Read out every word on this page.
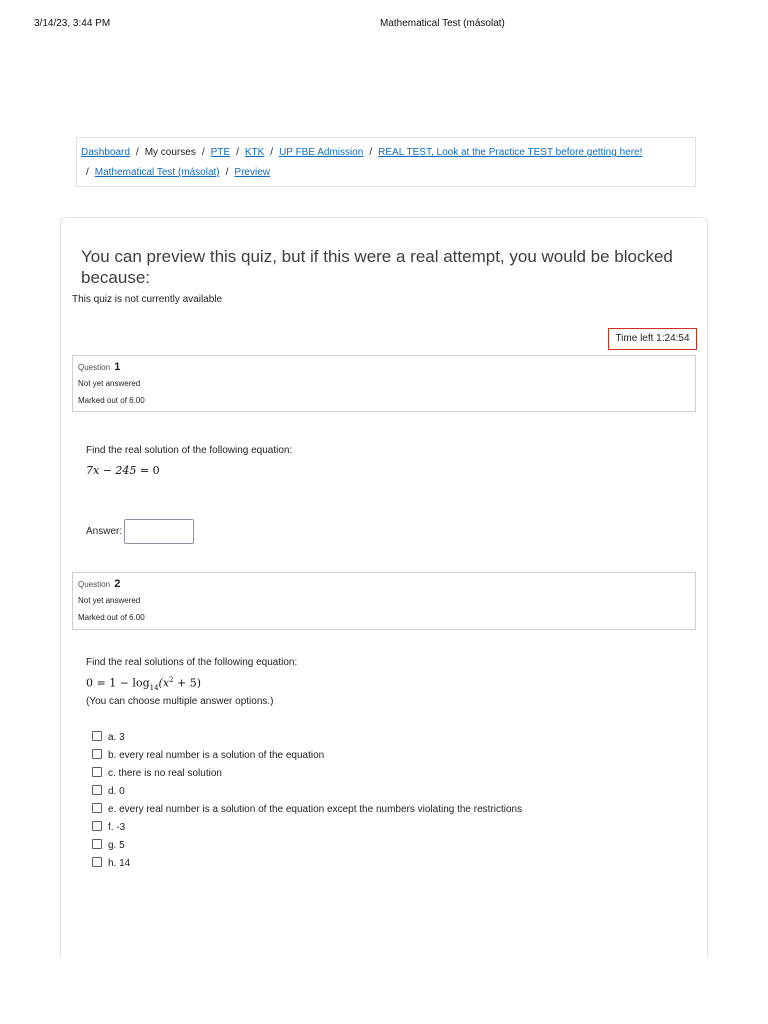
3/14/23, 3:44 PM	Mathematical Test (másolat)
Dashboard / My courses / PTE / KTK / UP FBE Admission / REAL TEST, Look at the Practice TEST before getting here!
/ Mathematical Test (másolat) / Preview
You can preview this quiz, but if this were a real attempt, you would be blocked because:
This quiz is not currently available
Time left 1:24:54
Question 1
Not yet answered
Marked out of 6.00
Find the real solution of the following equation:
7x − 245 = 0
Answer:
Question 2
Not yet answered
Marked out of 6.00
Find the real solutions of the following equation:
$0 = 1 - \log_{14}(x^2 + 5)$
(You can choose multiple answer options.)
a. 3
b. every real number is a solution of the equation
c. there is no real solution
d. 0
e. every real number is a solution of the equation except the numbers violating the restrictions
f. -3
g. 5
h. 14
